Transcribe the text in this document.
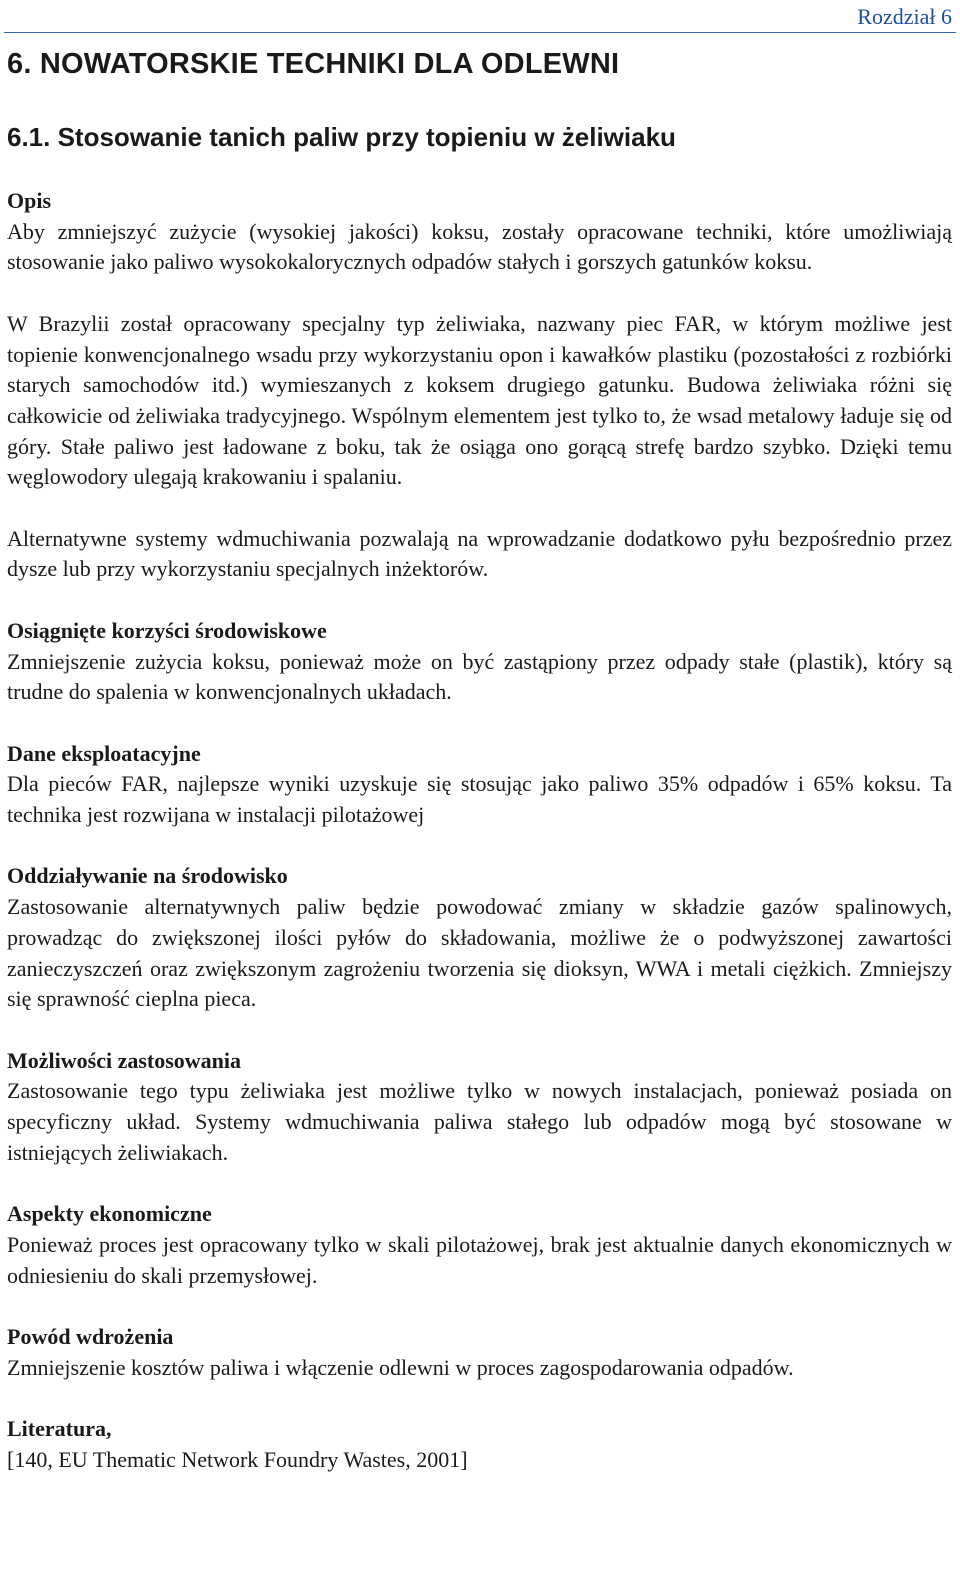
Rozdział 6
6. NOWATORSKIE TECHNIKI DLA ODLEWNI
6.1. Stosowanie tanich paliw przy topieniu w żeliwiaku

Opis

Aby zmniejszyć zużycie (wysokiej jakości) koksu, zostały opracowane techniki, które umożliwiają stosowanie jako paliwo wysokokalorycznych odpadów stałych i gorszych gatunków koksu.

W Brazylii został opracowany specjalny typ żeliwiaka, nazwany piec FAR, w którym możliwe jest topienie konwencjonalnego wsadu przy wykorzystaniu opon i kawałków plastiku (pozostałości z rozbiórki starych samochodów itd.) wymieszanych z koksem drugiego gatunku. Budowa żeliwiaka różni się całkowicie od żeliwiaka tradycyjnego. Wspólnym elementem jest tylko to, że wsad metalowy ładuje się od góry. Stałe paliwo jest ładowane z boku, tak że osiąga ono gorącą strefę bardzo szybko. Dzięki temu węglowodory ulegają krakowaniu i spalaniu.

Alternatywne systemy wdmuchiwania pozwalają na wprowadzanie dodatkowo pyłu bezpośrednio przez dysze lub przy wykorzystaniu specjalnych inżektorów.

Osiągnięte korzyści środowiskowe

Zmniejszenie zużycia koksu, ponieważ może on być zastąpiony przez odpady stałe (plastik), który są trudne do spalenia w konwencjonalnych układach.

Dane eksploatacyjne

Dla pieców FAR, najlepsze wyniki uzyskuje się stosując jako paliwo 35% odpadów i 65% koksu. Ta technika jest rozwijana w instalacji pilotażowej

Oddziaływanie na środowisko

Zastosowanie alternatywnych paliw będzie powodować zmiany w składzie gazów spalinowych, prowadząc do zwiększonej ilości pyłów do składowania, możliwe że o podwyższonej zawartości zanieczyszczeń oraz zwiększonym zagrożeniu tworzenia się dioksyn, WWA i metali ciężkich. Zmniejszy się sprawność cieplna pieca.

Możliwości zastosowania

Zastosowanie tego typu żeliwiaka jest możliwe tylko w nowych instalacjach, ponieważ posiada on specyficzny układ. Systemy wdmuchiwania paliwa stałego lub odpadów mogą być stosowane w istniejących żeliwiakach.

Aspekty ekonomiczne

Ponieważ proces jest opracowany tylko w skali pilotażowej, brak jest aktualnie danych ekonomicznych w odniesieniu do skali przemysłowej.

Powód wdrożenia

Zmniejszenie kosztów paliwa i włączenie odlewni w proces zagospodarowania odpadów.

Literatura,

[140, EU Thematic Network Foundry Wastes, 2001]
